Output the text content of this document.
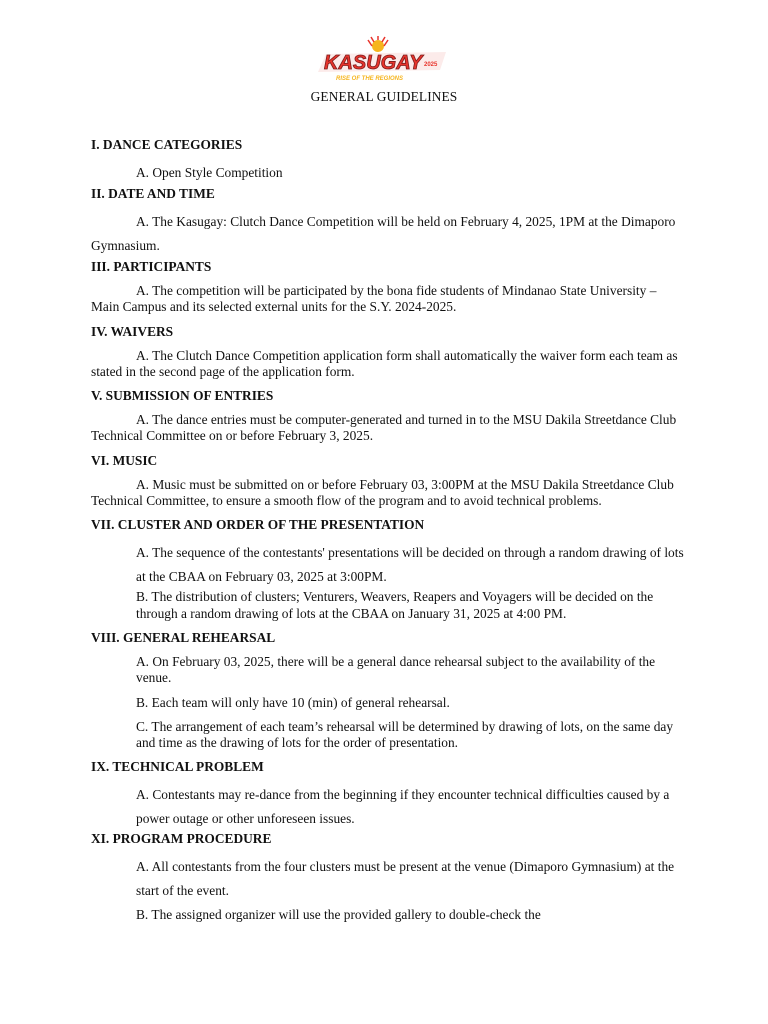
KASUGAY 2025
RISE OF THE REGIONS
GENERAL GUIDELINES

I. DANCE CATEGORIES

A. Open Style Competition

II. DATE AND TIME

A. The Kasugay: Clutch Dance Competition will be held on February 4, 2025, 1PM at the Dimaporo Gymnasium.

III. PARTICIPANTS

A. The competition will be participated by the bona fide students of Mindanao State University – Main Campus and its selected external units for the S.Y. 2024-2025.

IV. WAIVERS

A. The Clutch Dance Competition application form shall automatically the waiver form each team as stated in the second page of the application form.

V. SUBMISSION OF ENTRIES

A. The dance entries must be computer-generated and turned in to the MSU Dakila Streetdance Club Technical Committee on or before February 3, 2025.

VI. MUSIC

A. Music must be submitted on or before February 03, 3:00PM at the MSU Dakila Streetdance Club Technical Committee, to ensure a smooth flow of the program and to avoid technical problems.

VII. CLUSTER AND ORDER OF THE PRESENTATION

A. The sequence of the contestants' presentations will be decided on through a random drawing of lots at the CBAA on February 03, 2025 at 3:00PM.

B. The distribution of clusters; Venturers, Weavers, Reapers and Voyagers will be decided on the through a random drawing of lots at the CBAA on January 31, 2025 at 4:00 PM.

VIII. GENERAL REHEARSAL

A. On February 03, 2025, there will be a general dance rehearsal subject to the availability of the venue.

B. Each team will only have 10 (min) of general rehearsal.

C. The arrangement of each team’s rehearsal will be determined by drawing of lots, on the same day and time as the drawing of lots for the order of presentation.

IX. TECHNICAL PROBLEM

A. Contestants may re-dance from the beginning if they encounter technical difficulties caused by a power outage or other unforeseen issues.

XI. PROGRAM PROCEDURE

A. All contestants from the four clusters must be present at the venue (Dimaporo Gymnasium) at the start of the event.

B. The assigned organizer will use the provided gallery to double-check the
